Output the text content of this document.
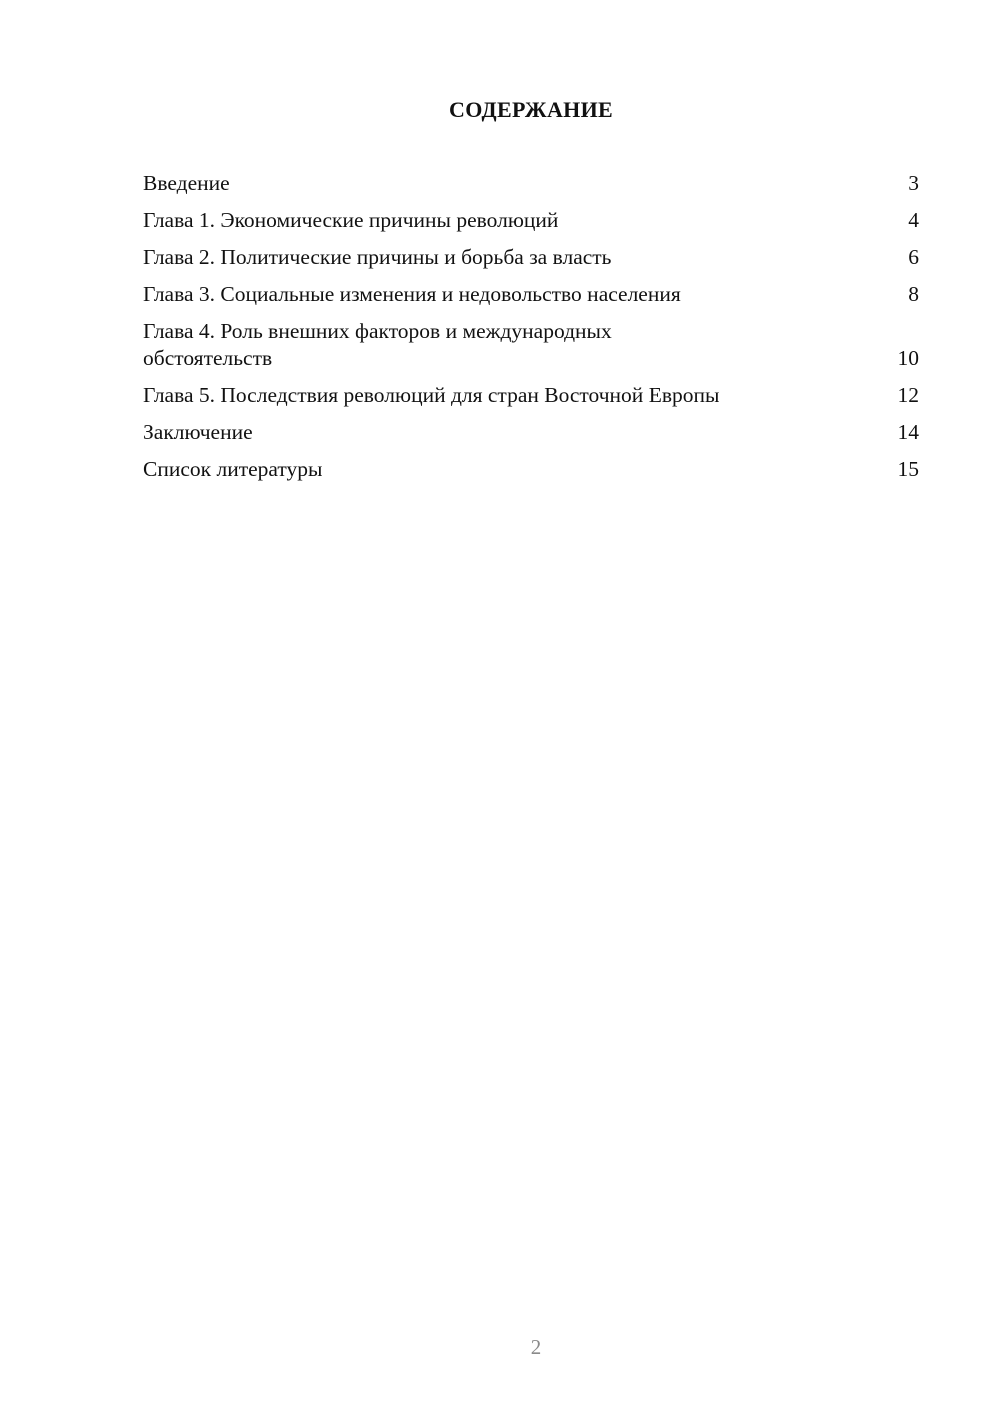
СОДЕРЖАНИЕ
Введение	3
Глава 1. Экономические причины революций	4
Глава 2. Политические причины и борьба за власть	6
Глава 3. Социальные изменения и недовольство населения	8
Глава 4. Роль внешних факторов и международных обстоятельств	10
Глава 5. Последствия революций для стран Восточной Европы	12
Заключение	14
Список литературы	15
2
